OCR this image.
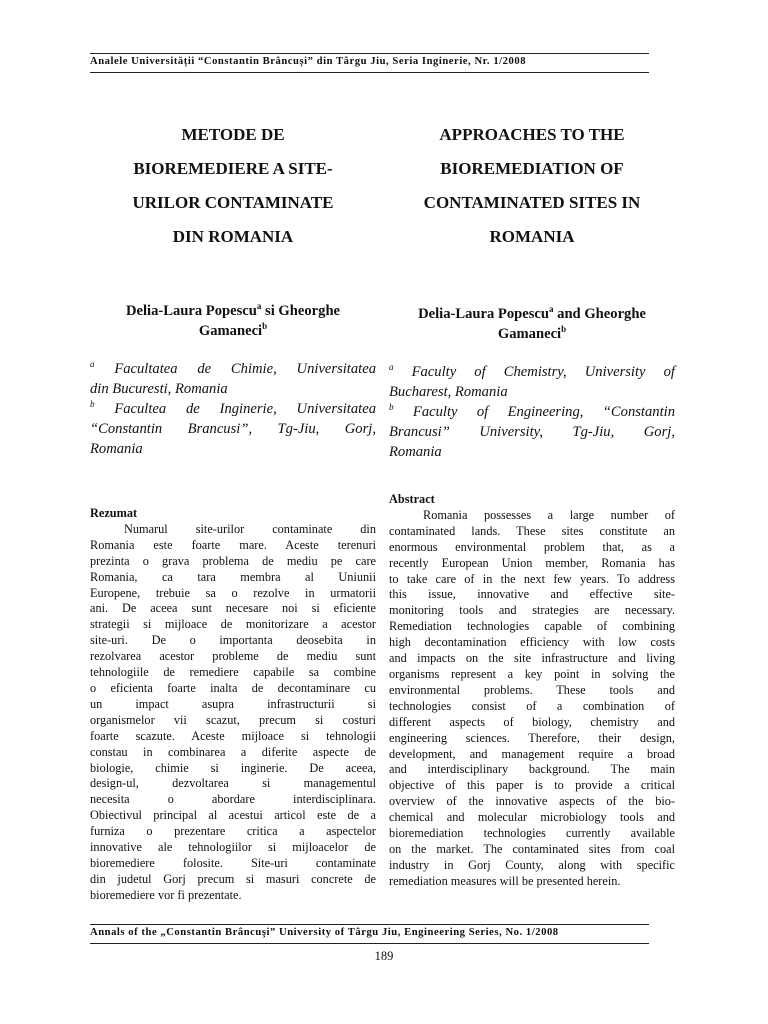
Analele Universității “Constantin Brâncuși” din Târgu Jiu, Seria Inginerie, Nr. 1/2008
METODE DE
BIOREMEDIERE A SITE-
URILOR CONTAMINATE
DIN ROMANIA
APPROACHES TO THE
BIOREMEDIATION OF
CONTAMINATED SITES IN
ROMANIA
Delia-Laura Popescu$^a$ si Gheorghe
Gamaneci$^b$
Delia-Laura Popescu$^a$ and Gheorghe
Gamaneci$^b$
$^a$ Facultatea de Chimie, Universitatea
din Bucuresti, Romania
$^b$ Facultea de Inginerie, Universitatea
“Constantin Brancusi”, Tg-Jiu, Gorj,
Romania
$^a$ Faculty of Chemistry, University of
Bucharest, Romania
$^b$ Faculty of Engineering, “Constantin
Brancusi” University, Tg-Jiu, Gorj,
Romania
Rezumat
Numarul site-urilor contaminate din
Romania este foarte mare. Aceste terenuri
prezinta o grava problema de mediu pe care
Romania, ca tara membra al Uniunii
Europene, trebuie sa o rezolve in urmatorii
ani. De aceea sunt necesare noi si eficiente
strategii si mijloace de monitorizare a acestor
site-uri. De o importanta deosebita in
rezolvarea acestor probleme de mediu sunt
tehnologiile de remediere capabile sa combine
o eficienta foarte inalta de decontaminare cu
un impact asupra infrastructurii si
organismelor vii scazut, precum si costuri
foarte scazute. Aceste mijloace si tehnologii
constau in combinarea a diferite aspecte de
biologie, chimie si inginerie. De aceea,
design-ul, dezvoltarea si managementul
necesita o abordare interdisciplinara.
Obiectivul principal al acestui articol este de a
furniza o prezentare critica a aspectelor
innovative ale tehnologiilor si mijloacelor de
bioremediere folosite. Site-uri contaminate
din judetul Gorj precum si masuri concrete de
bioremediere vor fi prezentate.
Abstract
Romania possesses a large number of
contaminated lands. These sites constitute an
enormous environmental problem that, as a
recently European Union member, Romania has
to take care of in the next few years. To address
this issue, innovative and effective site-
monitoring tools and strategies are necessary.
Remediation technologies capable of combining
high decontamination efficiency with low costs
and impacts on the site infrastructure and living
organisms represent a key point in solving the
environmental problems. These tools and
technologies consist of a combination of
different aspects of biology, chemistry and
engineering sciences. Therefore, their design,
development, and management require a broad
and interdisciplinary background. The main
objective of this paper is to provide a critical
overview of the innovative aspects of the bio-
chemical and molecular microbiology tools and
bioremediation technologies currently available
on the market. The contaminated sites from coal
industry in Gorj County, along with specific
remediation measures will be presented herein.
Annals of the „Constantin Brâncuşi” University of Târgu Jiu, Engineering Series, No. 1/2008
189
